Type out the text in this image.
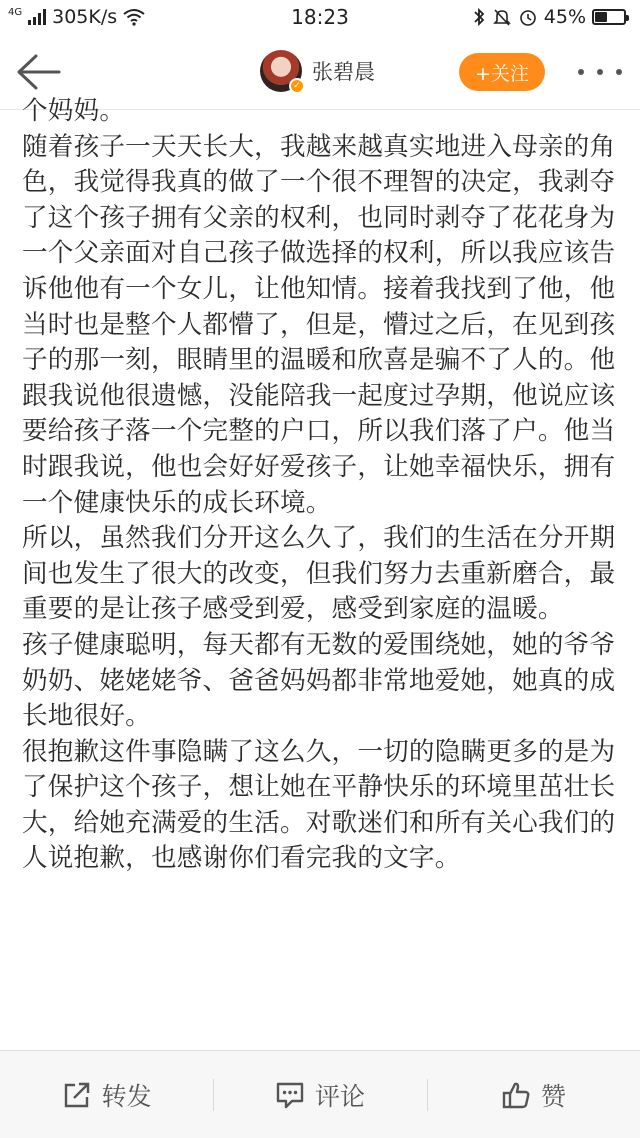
4G 305K/s	18:23	45%
✓
张碧晨	+关注

个妈妈。

随着孩子一天天长大，我越来越真实地进入母亲的角色，我觉得我真的做了一个很不理智的决定，我剥夺了这个孩子拥有父亲的权利，也同时剥夺了花花身为一个父亲面对自己孩子做选择的权利，所以我应该告诉他他有一个女儿，让他知情。接着我找到了他，他当时也是整个人都懵了，但是，懵过之后，在见到孩子的那一刻，眼睛里的温暖和欣喜是骗不了人的。他跟我说他很遗憾，没能陪我一起度过孕期，他说应该要给孩子落一个完整的户口，所以我们落了户。他当时跟我说，他也会好好爱孩子，让她幸福快乐，拥有一个健康快乐的成长环境。

所以，虽然我们分开这么久了，我们的生活在分开期间也发生了很大的改变，但我们努力去重新磨合，最重要的是让孩子感受到爱，感受到家庭的温暖。

孩子健康聪明，每天都有无数的爱围绕她，她的爷爷奶奶、姥姥姥爷、爸爸妈妈都非常地爱她，她真的成长地很好。

很抱歉这件事隐瞒了这么久，一切的隐瞒更多的是为了保护这个孩子，想让她在平静快乐的环境里茁壮长大，给她充满爱的生活。对歌迷们和所有关心我们的人说抱歉，也感谢你们看完我的文字。

转发	评论	赞
